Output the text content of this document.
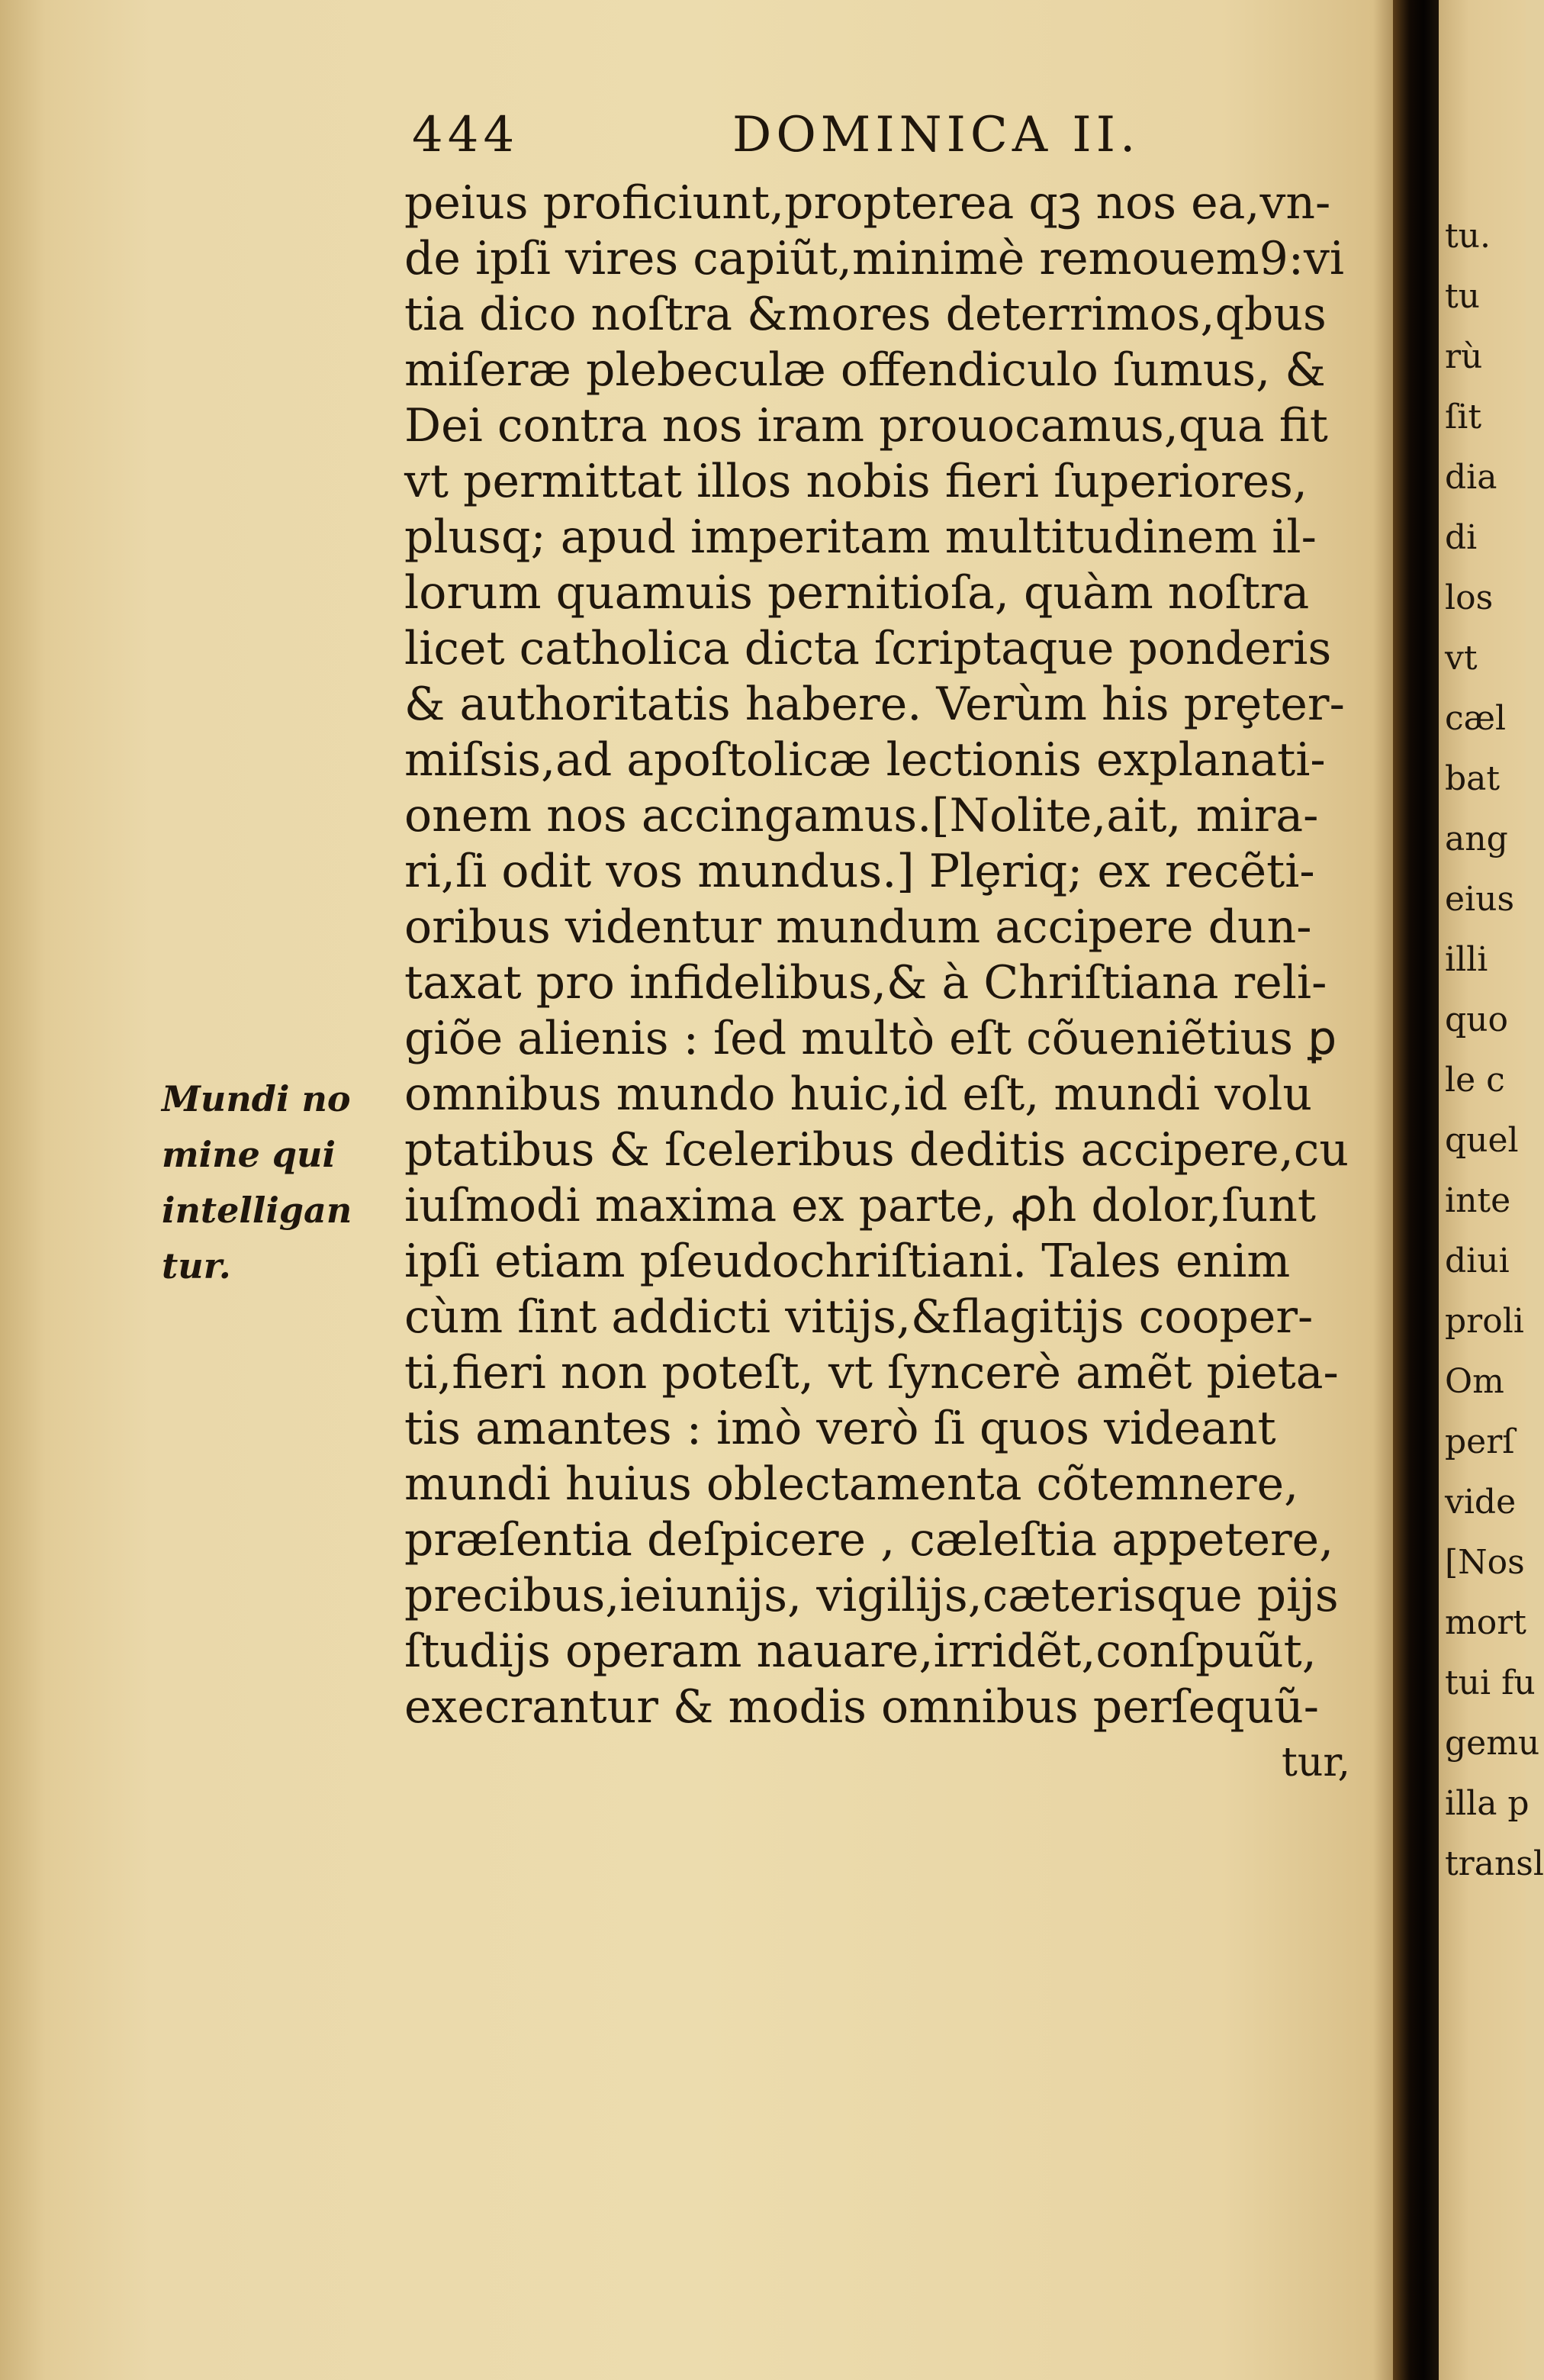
444	DOMINICA II.
Mundi no
mine qui
intelligan
tur.
peius proficiunt,propterea qꝫ nos ea,vn-
de ipſi vires capiũt,minimè remouem9:vi
tia dico noſtra &mores deterrimos,qbus
miſeræ plebeculæ offendiculo ſumus, &
Dei contra nos iram prouocamus,qua fit
vt permittat illos nobis fieri ſuperiores,
plusq; apud imperitam multitudinem il-
lorum quamuis pernitioſa, quàm noſtra
licet catholica dicta ſcriptaque ponderis
& authoritatis habere. Verùm his prȩter-
miſsis,ad apoſtolicæ lectionis explanati-
onem nos accingamus.[Nolite,ait, mira-
ri,ſi odit vos mundus.] Plȩriq; ex recẽti-
oribus videntur mundum accipere dun-
taxat pro infidelibus,& à Chriſtiana reli-
giõe alienis : ſed multò eſt cõueniẽtius ꝑ
omnibus mundo huic,id eſt, mundi volu
ptatibus & ſceleribus deditis accipere,cu
iuſmodi maxima ex parte, ꝓh dolor,ſunt
ipſi etiam pſeudochriſtiani. Tales enim
cùm ſint addicti vitijs,&flagitijs cooper-
ti,fieri non poteſt, vt ſyncerè amẽt pieta-
tis amantes : imò verò ſi quos videant
mundi huius oblectamenta cõtemnere,
præſentia deſpicere , cæleſtia appetere,
precibus,ieiunijs, vigilijs,cæterisque pijs
ſtudijs operam nauare,irridẽt,conſpuũt,
execrantur & modis omnibus perſequũ-
tur,
tu.
tu
rù
ſit
dia
di
los
vt
cæl
bat
ang
eius
illi
quo
le c
quel
inte
diui
proli
Om
perſ
vide
[Nos
mort
tui fu
gemu
illa p
transl
